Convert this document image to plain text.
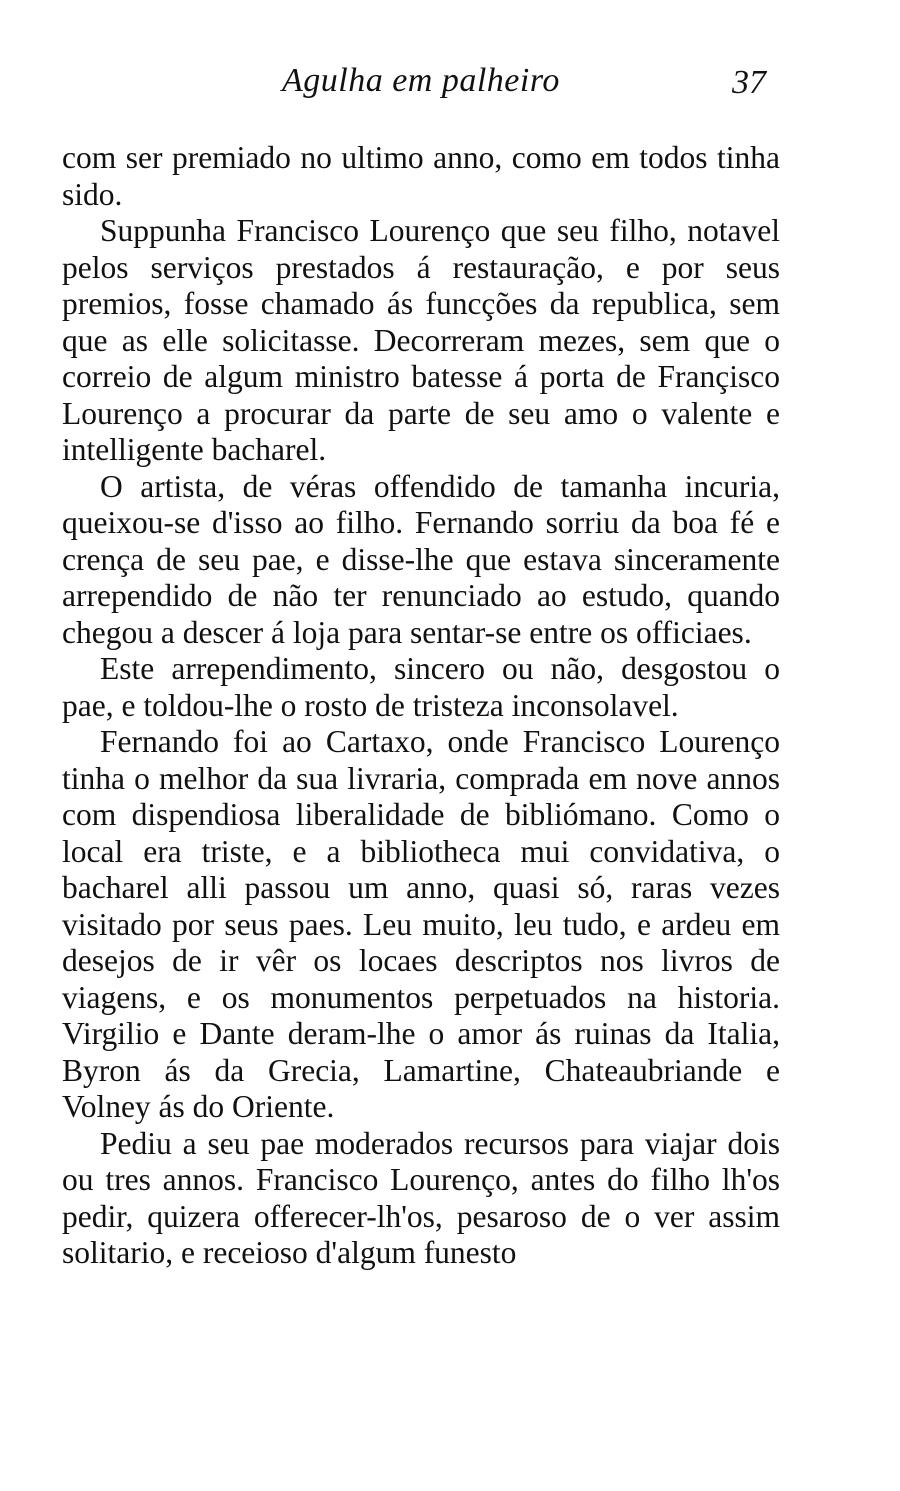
Agulha em palheiro	37

com ser premiado no ultimo anno, como em todos tinha sido.

Suppunha Francisco Lourenço que seu filho, notavel pelos serviços prestados á restauração, e por seus premios, fosse chamado ás funcções da republica, sem que as elle solicitasse. Decorreram mezes, sem que o correio de algum ministro batesse á porta de Françisco Lourenço a procurar da parte de seu amo o valente e intelligente bacharel.

O artista, de véras offendido de tamanha incuria, queixou-se d'isso ao filho. Fernando sorriu da boa fé e crença de seu pae, e disse-lhe que estava sinceramente arrependido de não ter renunciado ao estudo, quando chegou a descer á loja para sentar-se entre os officiaes.

Este arrependimento, sincero ou não, desgostou o pae, e toldou-lhe o rosto de tristeza inconsolavel.

Fernando foi ao Cartaxo, onde Francisco Lourenço tinha o melhor da sua livraria, comprada em nove annos com dispendiosa liberalidade de bibliómano. Como o local era triste, e a bibliotheca mui convidativa, o bacharel alli passou um anno, quasi só, raras vezes visitado por seus paes. Leu muito, leu tudo, e ardeu em desejos de ir vêr os locaes descriptos nos livros de viagens, e os monumentos perpetuados na historia. Virgilio e Dante deram-lhe o amor ás ruinas da Italia, Byron ás da Grecia, Lamartine, Chateaubriande e Volney ás do Oriente.

Pediu a seu pae moderados recursos para viajar dois ou tres annos. Francisco Lourenço, antes do filho lh'os pedir, quizera offerecer-lh'os, pesaroso de o ver assim solitario, e receioso d'algum funesto
